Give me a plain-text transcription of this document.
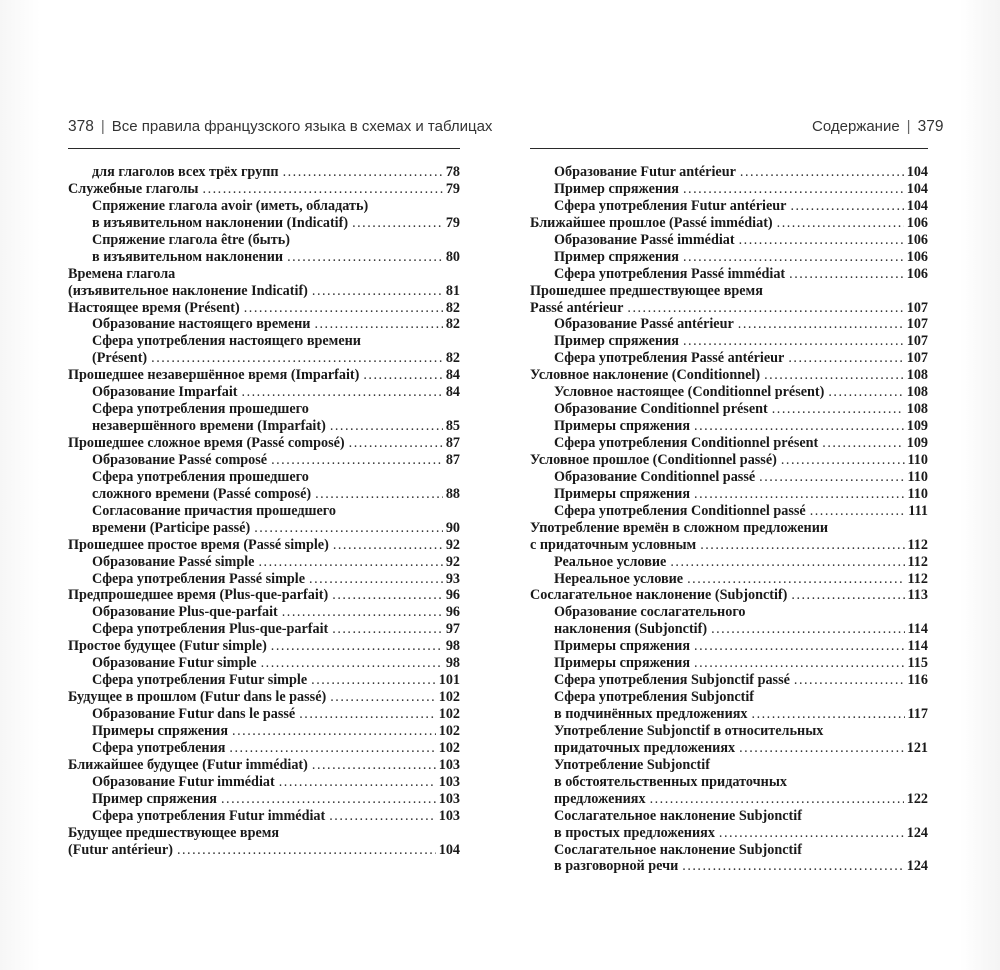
378 | Все правила французского языка в схемах и таблицах	Содержание | 379
для глаголов всех трёх групп .....	78
Служебные глаголы .....	79
Спряжение глагола avoir (иметь, обладать)
в изъявительном наклонении (Indicatif) .....	79
Спряжение глагола être (быть)
в изъявительном наклонении .....	80
Времена глагола
(изъявительное наклонение Indicatif) .....	81
Настоящее время (Présent) .....	82
Образование настоящего времени .....	82
Сфера употребления настоящего времени
(Présent) .....	82
Прошедшее незавершённое время (Imparfait) .....	84
Образование Imparfait .....	84
Сфера употребления прошедшего
незавершённого времени (Imparfait) .....	85
Прошедшее сложное время (Passé composé) .....	87
Образование Passé composé .....	87
Сфера употребления прошедшего
сложного времени (Passé composé) .....	88
Согласование причастия прошедшего
времени (Participe passé) .....	90
Прошедшее простое время (Passé simple) .....	92
Образование Passé simple .....	92
Сфера употребления Passé simple .....	93
Предпрошедшее время (Plus-que-parfait) .....	96
Образование Plus-que-parfait .....	96
Сфера употребления Plus-que-parfait .....	97
Простое будущее (Futur simple) .....	98
Образование Futur simple .....	98
Сфера употребления Futur simple .....	101
Будущее в прошлом (Futur dans le passé) .....	102
Образование Futur dans le passé .....	102
Примеры спряжения .....	102
Сфера употребления .....	102
Ближайшее будущее (Futur immédiat) .....	103
Образование Futur immédiat .....	103
Пример спряжения .....	103
Сфера употребления Futur immédiat .....	103
Будущее предшествующее время
(Futur antérieur) .....	104
Образование Futur antérieur .....	104
Пример спряжения .....	104
Сфера употребления Futur antérieur .....	104
Ближайшее прошлое (Passé immédiat) .....	106
Образование Passé immédiat .....	106
Пример спряжения .....	106
Сфера употребления Passé immédiat .....	106
Прошедшее предшествующее время
Passé antérieur .....	107
Образование Passé antérieur .....	107
Пример спряжения .....	107
Сфера употребления Passé antérieur .....	107
Условное наклонение (Conditionnel) .....	108
Условное настоящее (Conditionnel présent) .....	108
Образование Conditionnel présent .....	108
Примеры спряжения .....	109
Сфера употребления Conditionnel présent .....	109
Условное прошлое (Conditionnel passé) .....	110
Образование Conditionnel passé .....	110
Примеры спряжения .....	110
Сфера употребления Conditionnel passé .....	111
Употребление времён в сложном предложении
с придаточным условным .....	112
Реальное условие .....	112
Нереальное условие .....	112
Сослагательное наклонение (Subjonctif) .....	113
Образование сослагательного
наклонения (Subjonctif) .....	114
Примеры спряжения .....	114
Примеры спряжения .....	115
Сфера употребления Subjonctif passé .....	116
Сфера употребления Subjonctif
в подчинённых предложениях .....	117
Употребление Subjonctif в относительных
придаточных предложениях .....	121
Употребление Subjonctif
в обстоятельственных придаточных
предложениях .....	122
Сослагательное наклонение Subjonctif
в простых предложениях .....	124
Сослагательное наклонение Subjonctif
в разговорной речи .....	124
